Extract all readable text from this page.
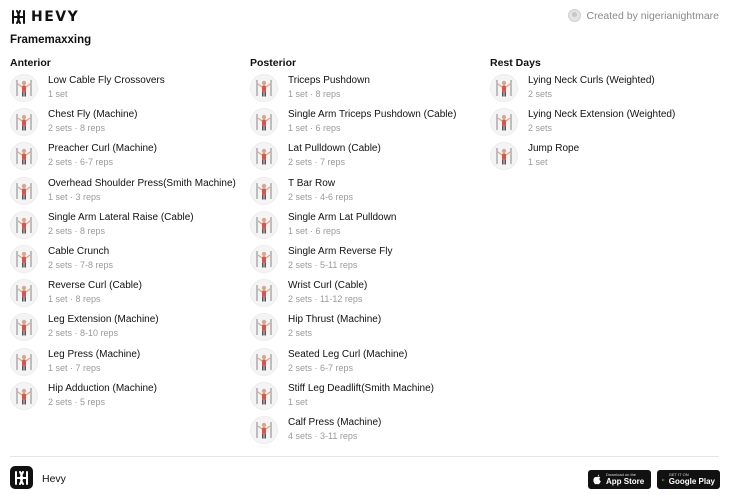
HEVY	Created by nigerianightmare
Framemaxxing
Anterior
Low Cable Fly Crossovers
1 set
Chest Fly (Machine)
2 sets · 8 reps
Preacher Curl (Machine)
2 sets · 6-7 reps
Overhead Shoulder Press(Smith Machine)
1 set · 3 reps
Single Arm Lateral Raise (Cable)
2 sets · 8 reps
Cable Crunch
2 sets · 7-8 reps
Reverse Curl (Cable)
1 set · 8 reps
Leg Extension (Machine)
2 sets · 8-10 reps
Leg Press (Machine)
1 set · 7 reps
Hip Adduction (Machine)
2 sets · 5 reps
Posterior
Triceps Pushdown
1 set · 8 reps
Single Arm Triceps Pushdown (Cable)
1 set · 6 reps
Lat Pulldown (Cable)
2 sets · 7 reps
T Bar Row
2 sets · 4-6 reps
Single Arm Lat Pulldown
1 set · 6 reps
Single Arm Reverse Fly
2 sets · 5-11 reps
Wrist Curl (Cable)
2 sets · 11-12 reps
Hip Thrust (Machine)
2 sets
Seated Leg Curl (Machine)
2 sets · 6-7 reps
Stiff Leg Deadlift(Smith Machine)
1 set
Calf Press (Machine)
4 sets · 3-11 reps
Rest Days
Lying Neck Curls (Weighted)
2 sets
Lying Neck Extension (Weighted)
2 sets
Jump Rope
1 set
Hevy	Download on the
App Store
GET IT ON
Google Play
